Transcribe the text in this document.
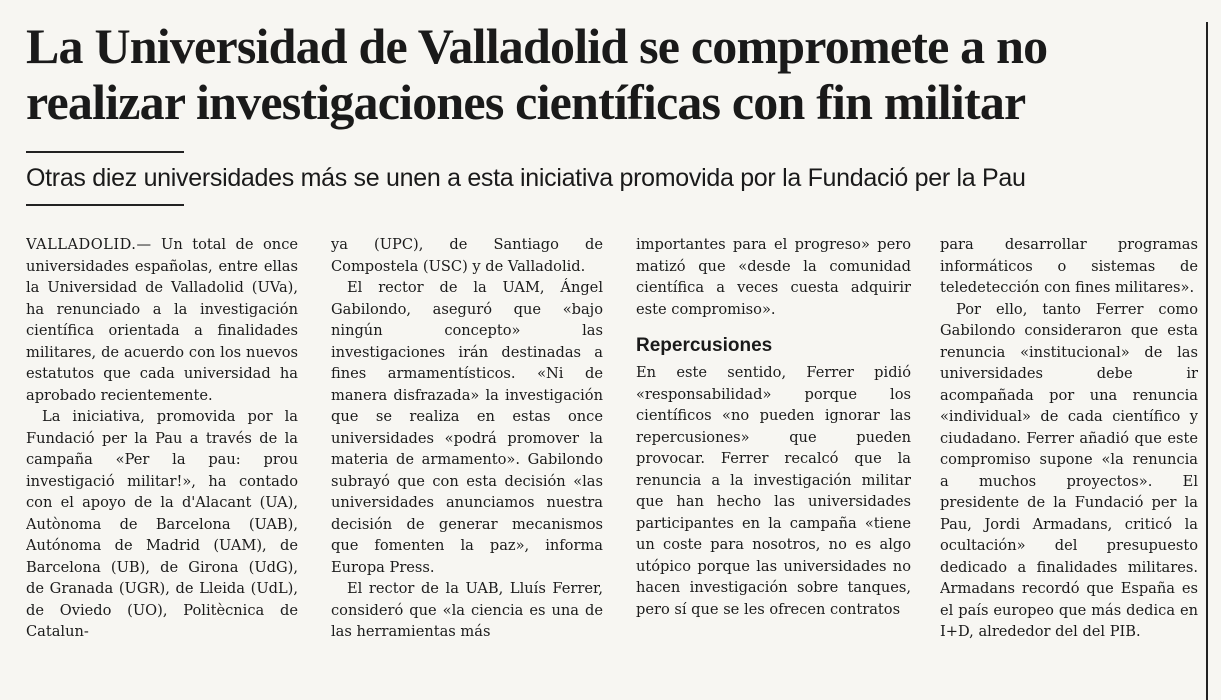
La Universidad de Valladolid se compromete a no realizar investigaciones científicas con fin militar

Otras diez universidades más se unen a esta iniciativa promovida por la Fundació per la Pau

VALLADOLID.— Un total de once universidades españolas, entre ellas la Universidad de Valladolid (UVa), ha renunciado a la investigación científica orientada a finalidades militares, de acuerdo con los nuevos estatutos que cada universidad ha aprobado recientemente.

La iniciativa, promovida por la Fundació per la Pau a través de la campaña «Per la pau: prou investigació militar!», ha contado con el apoyo de la d'Alacant (UA), Autònoma de Barcelona (UAB), Autónoma de Madrid (UAM), de Barcelona (UB), de Girona (UdG), de Granada (UGR), de Lleida (UdL), de Oviedo (UO), Politècnica de Catalun-

ya (UPC), de Santiago de Compostela (USC) y de Valladolid.

El rector de la UAM, Ángel Gabilondo, aseguró que «bajo ningún concepto» las investigaciones irán destinadas a fines armamentísticos. «Ni de manera disfrazada» la investigación que se realiza en estas once universidades «podrá promover la materia de armamento». Gabilondo subrayó que con esta decisión «las universidades anunciamos nuestra decisión de generar mecanismos que fomenten la paz», informa Europa Press.

El rector de la UAB, Lluís Ferrer, consideró que «la ciencia es una de las herramientas más

importantes para el progreso» pero matizó que «desde la comunidad científica a veces cuesta adquirir este compromiso».

Repercusiones

En este sentido, Ferrer pidió «responsabilidad» porque los científicos «no pueden ignorar las repercusiones» que pueden provocar. Ferrer recalcó que la renuncia a la investigación militar que han hecho las universidades participantes en la campaña «tiene un coste para nosotros, no es algo utópico porque las universidades no hacen investigación sobre tanques, pero sí que se les ofrecen contratos

para desarrollar programas informáticos o sistemas de teledetección con fines militares».

Por ello, tanto Ferrer como Gabilondo consideraron que esta renuncia «institucional» de las universidades debe ir acompañada por una renuncia «individual» de cada científico y ciudadano. Ferrer añadió que este compromiso supone «la renuncia a muchos proyectos». El presidente de la Fundació per la Pau, Jordi Armadans, criticó la ocultación» del presupuesto dedicado a finalidades militares. Armadans recordó que España es el país europeo que más dedica en I+D, alrededor del del PIB.
